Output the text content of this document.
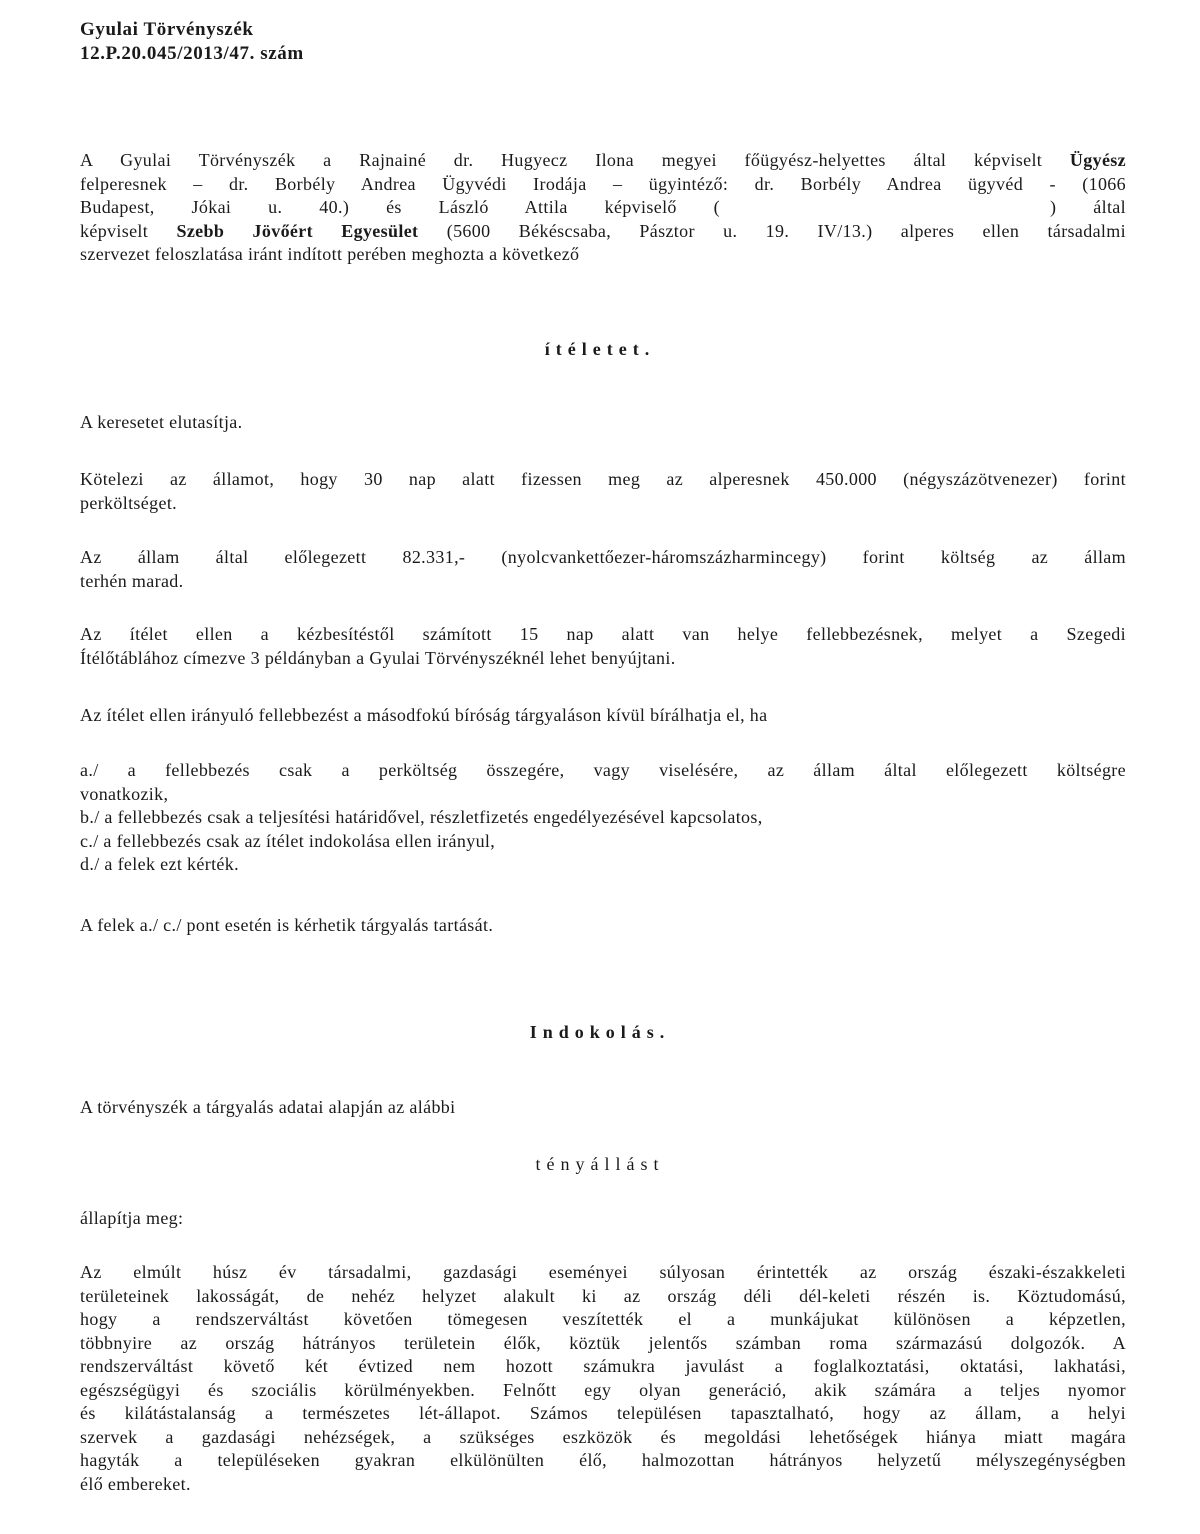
Gyulai Törvényszék
12.P.20.045/2013/47. szám
A Gyulai Törvényszék a Rajnainé dr. Hugyecz Ilona megyei főügyész-helyettes által képviselt Ügyész
felperesnek – dr. Borbély Andrea Ügyvédi Irodája – ügyintéző: dr. Borbély Andrea ügyvéd - (1066
Budapest, Jókai u. 40.) és László Attila képviselő (	) által
képviselt Szebb Jövőért Egyesület (5600 Békéscsaba, Pásztor u. 19. IV/13.) alperes ellen társadalmi
szervezet feloszlatása iránt indított perében meghozta a következő
ítéletet.
A keresetet elutasítja.
Kötelezi az államot, hogy 30 nap alatt fizessen meg az alperesnek 450.000 (négyszázötvenezer) forint
perköltséget.
Az állam által előlegezett 82.331,- (nyolcvankettőezer-háromszázharmincegy) forint költség az állam
terhén marad.
Az ítélet ellen a kézbesítéstől számított 15 nap alatt van helye fellebbezésnek, melyet a Szegedi
Ítélőtáblához címezve 3 példányban a Gyulai Törvényszéknél lehet benyújtani.
Az ítélet ellen irányuló fellebbezést a másodfokú bíróság tárgyaláson kívül bírálhatja el, ha
a./ a fellebbezés csak a perköltség összegére, vagy viselésére, az állam által előlegezett költségre
vonatkozik,
b./ a fellebbezés csak a teljesítési határidővel, részletfizetés engedélyezésével kapcsolatos,
c./ a fellebbezés csak az ítélet indokolása ellen irányul,
d./ a felek ezt kérték.
A felek a./ c./ pont esetén is kérhetik tárgyalás tartását.
Indokolás.
A törvényszék a tárgyalás adatai alapján az alábbi
tényállást
állapítja meg:
Az elmúlt húsz év társadalmi, gazdasági eseményei súlyosan érintették az ország északi-északkeleti
területeinek lakosságát, de nehéz helyzet alakult ki az ország déli dél-keleti részén is. Köztudomású,
hogy a rendszerváltást követően tömegesen veszítették el a munkájukat különösen a képzetlen,
többnyire az ország hátrányos területein élők, köztük jelentős számban roma származású dolgozók. A
rendszerváltást követő két évtized nem hozott számukra javulást a foglalkoztatási, oktatási, lakhatási,
egészségügyi és szociális körülményekben. Felnőtt egy olyan generáció, akik számára a teljes nyomor
és kilátástalanság a természetes lét-állapot. Számos településen tapasztalható, hogy az állam, a helyi
szervek a gazdasági nehézségek, a szükséges eszközök és megoldási lehetőségek hiánya miatt magára
hagyták a településeken gyakran elkülönülten élő, halmozottan hátrányos helyzetű mélyszegénységben
élő embereket.
